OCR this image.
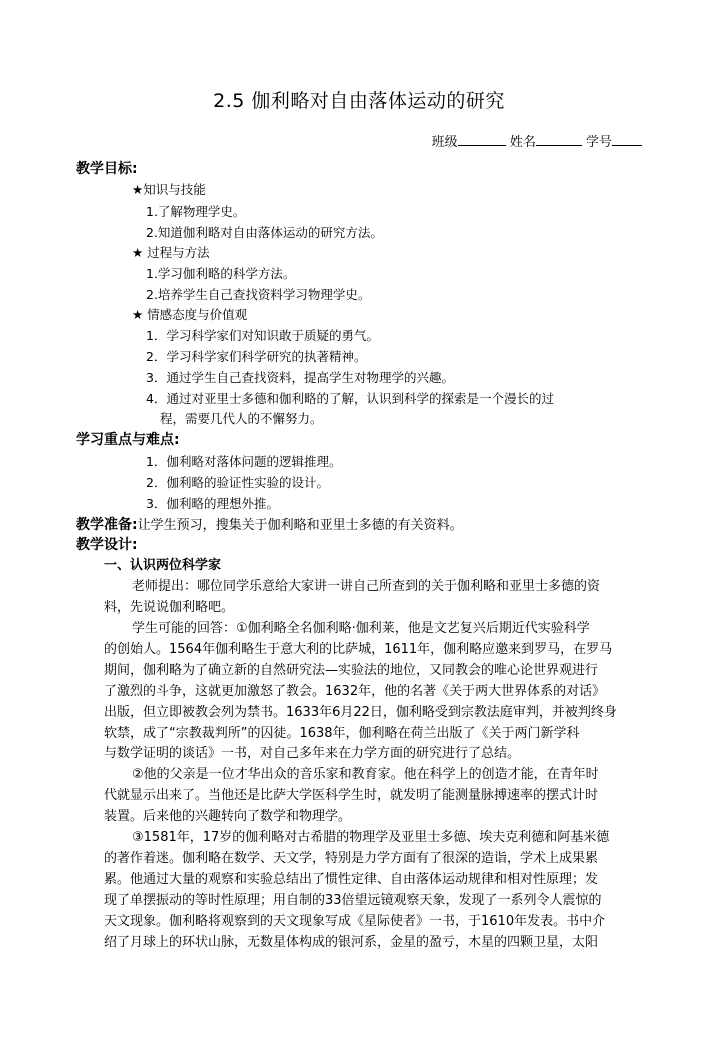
2.5 伽利略对自由落体运动的研究
班级	姓名	学号
教学目标:
★知识与技能
1.了解物理学史。
2.知道伽利略对自由落体运动的研究方法。
★ 过程与方法
1.学习伽利略的科学方法。
2.培养学生自己查找资料学习物理学史。
★ 情感态度与价值观
1．学习科学家们对知识敢于质疑的勇气。
2．学习科学家们科学研究的执著精神。
3．通过学生自己查找资料，提高学生对物理学的兴趣。
4．通过对亚里士多德和伽利略的了解，认识到科学的探索是一个漫长的过
程，需要几代人的不懈努力。
学习重点与难点:
1．伽利略对落体问题的逻辑推理。
2．伽利略的验证性实验的设计。
3．伽利略的理想外推。
教学准备:让学生预习，搜集关于伽利略和亚里士多德的有关资料。
教学设计:
一、认识两位科学家
老师提出：哪位同学乐意给大家讲一讲自己所查到的关于伽利略和亚里士多德的资
料，先说说伽利略吧。
学生可能的回答：①伽利略全名伽利略·伽利莱，他是文艺复兴后期近代实验科学
的创始人。1564年伽利略生于意大利的比萨城，1611年，伽利略应邀来到罗马，在罗马
期间，伽利略为了确立新的自然研究法—实验法的地位，又同教会的唯心论世界观进行
了激烈的斗争，这就更加激怒了教会。1632年，他的名著《关于两大世界体系的对话》
出版，但立即被教会列为禁书。1633年6月22日，伽利略受到宗教法庭审判，并被判终身
软禁，成了“宗教裁判所”的囚徒。1638年，伽利略在荷兰出版了《关于两门新学科
与数学证明的谈话》一书，对自己多年来在力学方面的研究进行了总结。
②他的父亲是一位才华出众的音乐家和教育家。他在科学上的创造才能，在青年时
代就显示出来了。当他还是比萨大学医科学生时，就发明了能测量脉搏速率的摆式计时
装置。后来他的兴趣转向了数学和物理学。
③1581年，17岁的伽利略对古希腊的物理学及亚里士多德、埃夫克利德和阿基米德
的著作着迷。伽利略在数学、天文学，特别是力学方面有了很深的造诣，学术上成果累
累。他通过大量的观察和实验总结出了惯性定律、自由落体运动规律和相对性原理；发
现了单摆振动的等时性原理；用自制的33倍望远镜观察天象，发现了一系列令人震惊的
天文现象。伽利略将观察到的天文现象写成《星际使者》一书，于1610年发表。书中介
绍了月球上的环状山脉，无数星体构成的银河系，金星的盈亏，木星的四颗卫星，太阳
